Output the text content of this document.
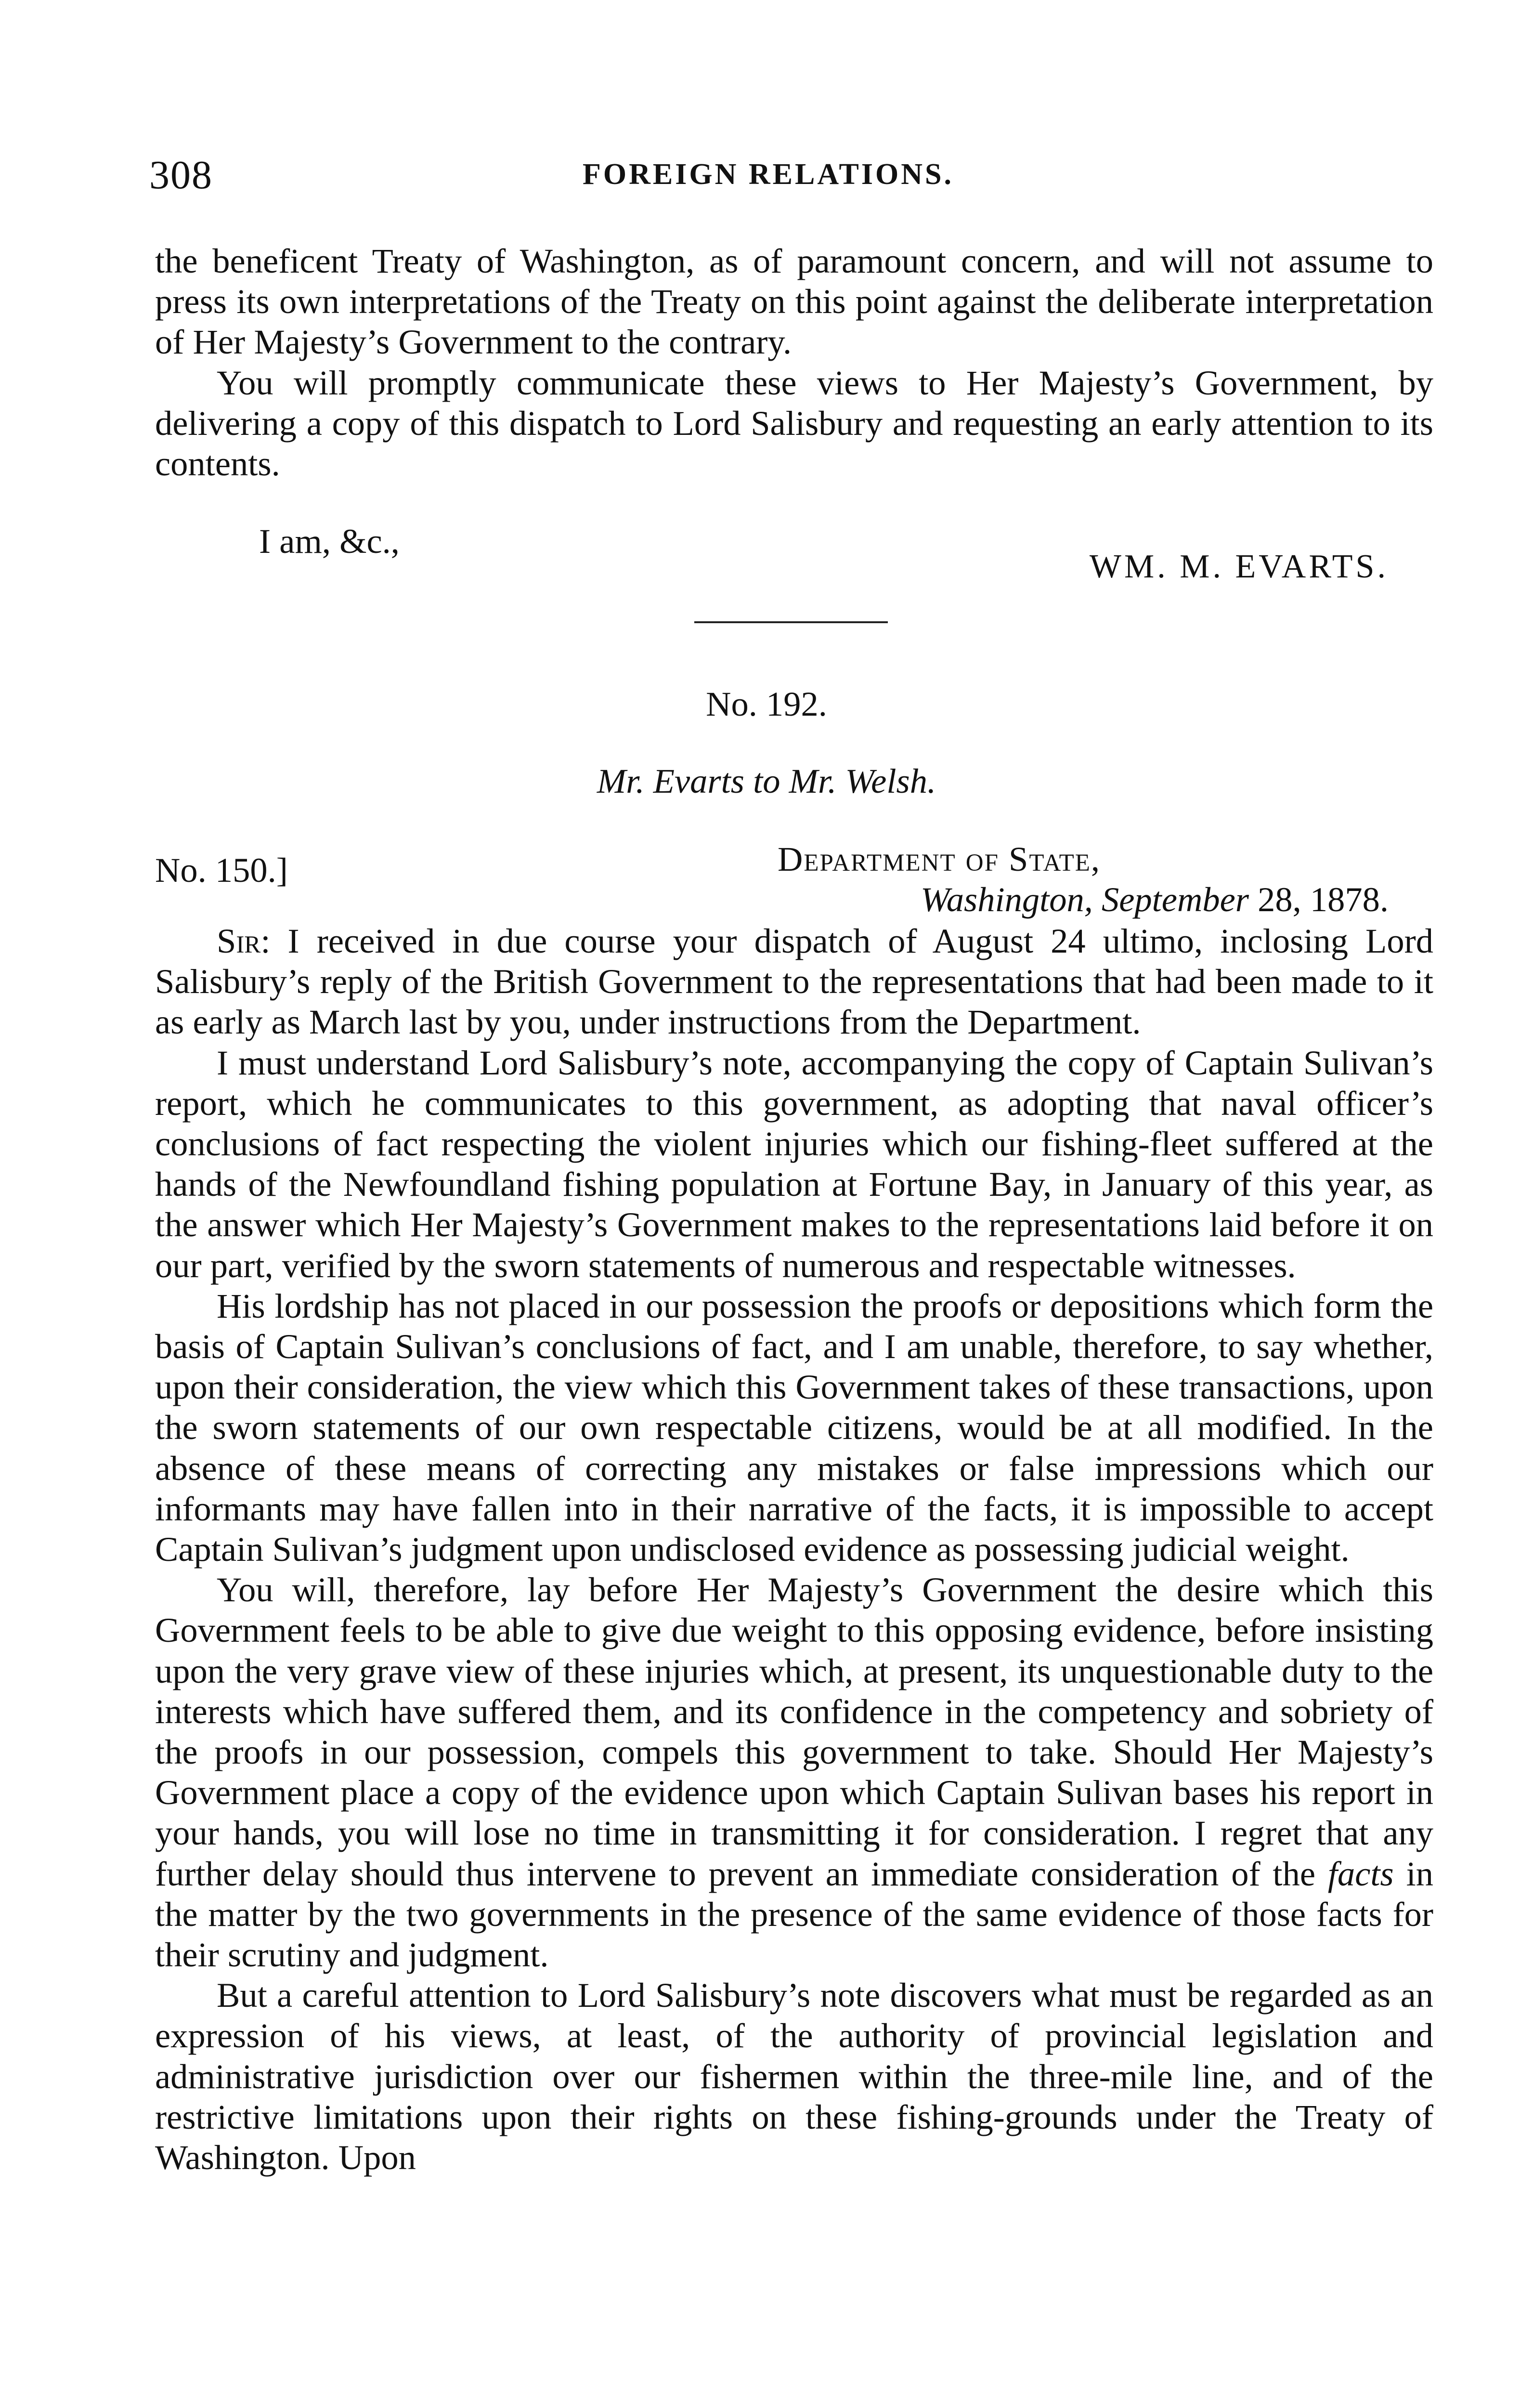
308	FOREIGN RELATIONS.

the beneficent Treaty of Washington, as of paramount concern, and will not assume to press its own interpretations of the Treaty on this point against the deliberate interpretation of Her Majesty’s Government to the contrary.

You will promptly communicate these views to Her Majesty’s Government, by delivering a copy of this dispatch to Lord Salisbury and requesting an early attention to its contents.

I am, &c.,
WM. M. EVARTS.
No. 192.
Mr. Evarts to Mr. Welsh.
No. 150.]	Department of State,
Washington, September 28, 1878.

Sir: I received in due course your dispatch of August 24 ultimo, inclosing Lord Salisbury’s reply of the British Government to the representations that had been made to it as early as March last by you, under instructions from the Department.

I must understand Lord Salisbury’s note, accompanying the copy of Captain Sulivan’s report, which he communicates to this government, as adopting that naval officer’s conclusions of fact respecting the violent injuries which our fishing-fleet suffered at the hands of the Newfoundland fishing population at Fortune Bay, in January of this year, as the answer which Her Majesty’s Government makes to the representations laid before it on our part, verified by the sworn statements of numerous and respectable witnesses.

His lordship has not placed in our possession the proofs or depositions which form the basis of Captain Sulivan’s conclusions of fact, and I am unable, therefore, to say whether, upon their consideration, the view which this Government takes of these transactions, upon the sworn statements of our own respectable citizens, would be at all modified. In the absence of these means of correcting any mistakes or false impressions which our informants may have fallen into in their narrative of the facts, it is impossible to accept Captain Sulivan’s judgment upon undisclosed evidence as possessing judicial weight.

You will, therefore, lay before Her Majesty’s Government the desire which this Government feels to be able to give due weight to this opposing evidence, before insisting upon the very grave view of these injuries which, at present, its unquestionable duty to the interests which have suffered them, and its confidence in the competency and sobriety of the proofs in our possession, compels this government to take. Should Her Majesty’s Government place a copy of the evidence upon which Captain Sulivan bases his report in your hands, you will lose no time in transmitting it for consideration. I regret that any further delay should thus intervene to prevent an immediate consideration of the facts in the matter by the two governments in the presence of the same evidence of those facts for their scrutiny and judgment.

But a careful attention to Lord Salisbury’s note discovers what must be regarded as an expression of his views, at least, of the authority of provincial legislation and administrative jurisdiction over our fishermen within the three-mile line, and of the restrictive limitations upon their rights on these fishing-grounds under the Treaty of Washington. Upon
